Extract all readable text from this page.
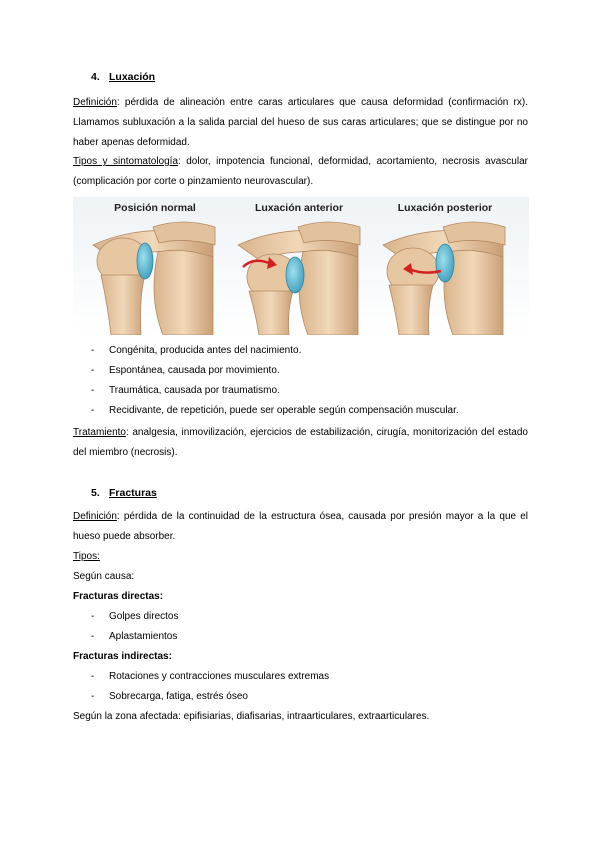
4. Luxación
Definición: pérdida de alineación entre caras articulares que causa deformidad (confirmación rx).
Llamamos subluxación a la salida parcial del hueso de sus caras articulares; que se distingue por no
haber apenas deformidad.
Tipos y sintomatología: dolor, impotencia funcional, deformidad, acortamiento, necrosis avascular
(complicación por corte o pinzamiento neurovascular).
Posición normal	Luxación anterior	Luxación posterior
- Congénita, producida antes del nacimiento.
- Espontánea, causada por movimiento.
- Traumática, causada por traumatismo.
- Recidivante, de repetición, puede ser operable según compensación muscular.
Tratamiento: analgesia, inmovilización, ejercicios de estabilización, cirugía, monitorización del estado
del miembro (necrosis).
5. Fracturas
Definición: pérdida de la continuidad de la estructura ósea, causada por presión mayor a la que el
hueso puede absorber.
Tipos:
Según causa:
Fracturas directas:
- Golpes directos
- Aplastamientos
Fracturas indirectas:
- Rotaciones y contracciones musculares extremas
- Sobrecarga, fatiga, estrés óseo
Según la zona afectada: epifisiarias, diafisarias, intraarticulares, extraarticulares.
